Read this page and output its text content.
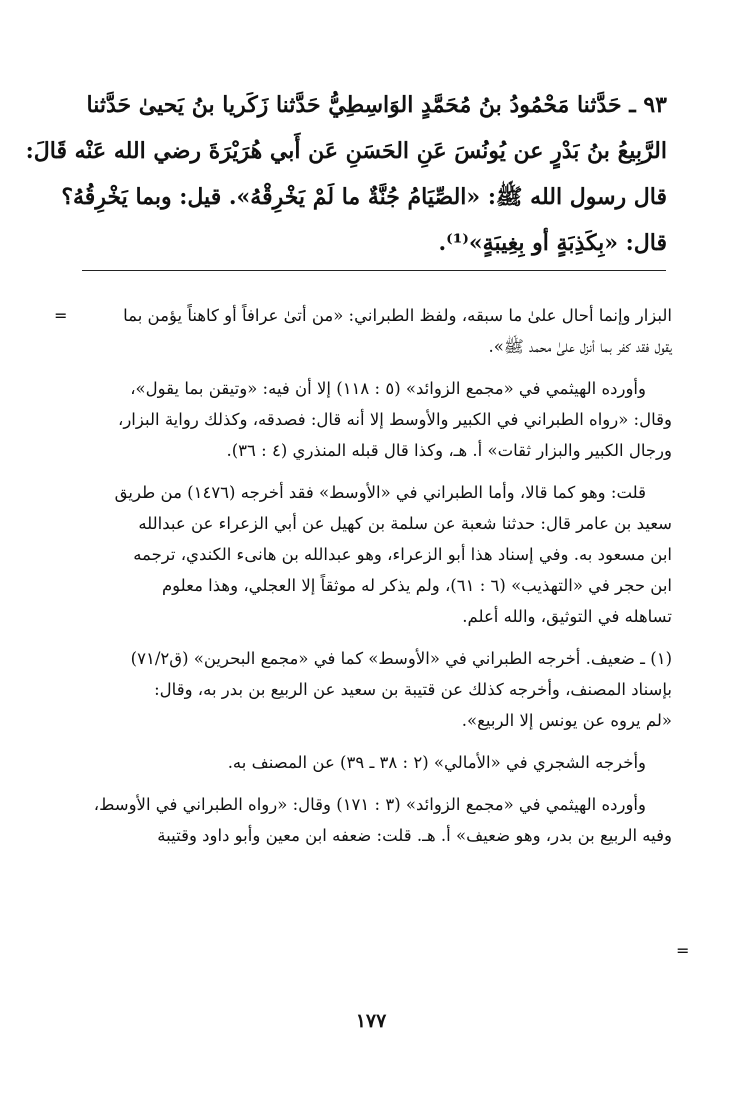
٩٣ ـ حَدَّثنا مَحْمُودُ بنُ مُحَمَّدٍ الوَاسِطِيُّ حَدَّثنا زَكَريا بنُ يَحيىٰ حَدَّثنا
الرَّبِيعُ بنُ بَدْرٍ عن يُونُسَ عَنِ الحَسَنِ عَن أَبي هُرَيْرَةَ رضي الله عَنْه قَالَ:
قال رسول الله ﷺ: «الصِّيَامُ جُنَّةٌ ما لَمْ يَخْرِقْهُ». قيل: وبما يَخْرِقُهُ؟
قال: «بِكَذِبَةٍ أو بِغِيبَةٍ»⁽¹⁾.
=	البزار وإنما أحال علىٰ ما سبقه، ولفظ الطبراني: «من أتىٰ عرافاً أو كاهناً يؤمن بما
يقول فقد كفر بما أنزل علىٰ محمد ﷺ».
وأورده الهيثمي في «مجمع الزوائد» (٥ : ١١٨) إلا أن فيه: «وتيقن بما يقول»،
وقال: «رواه الطبراني في الكبير والأوسط إلا أنه قال: فصدقه، وكذلك رواية البزار،
ورجال الكبير والبزار ثقات» أ. هـ، وكذا قال قبله المنذري (٤ : ٣٦).
قلت: وهو كما قالا، وأما الطبراني في «الأوسط» فقد أخرجه (١٤٧٦) من طريق
سعيد بن عامر قال: حدثنا شعبة عن سلمة بن كهيل عن أبي الزعراء عن عبدالله
ابن مسعود به. وفي إسناد هذا أبو الزعراء، وهو عبدالله بن هانىء الكندي، ترجمه
ابن حجر في «التهذيب» (٦ : ٦١)، ولم يذكر له موثقاً إلا العجلي، وهذا معلوم
تساهله في التوثيق، والله أعلم.
(١) ـ ضعيف. أخرجه الطبراني في «الأوسط» كما في «مجمع البحرين» (ق٧١/٢)
بإسناد المصنف، وأخرجه كذلك عن قتيبة بن سعيد عن الربيع بن بدر به، وقال:
«لم يروه عن يونس إلا الربيع».
وأخرجه الشجري في «الأمالي» (٢ : ٣٨ ـ ٣٩) عن المصنف به.
وأورده الهيثمي في «مجمع الزوائد» (٣ : ١٧١) وقال: «رواه الطبراني في الأوسط،
وفيه الربيع بن بدر، وهو ضعيف» أ. هـ. قلت: ضعفه ابن معين وأبو داود وقتيبة
=
١٧٧
